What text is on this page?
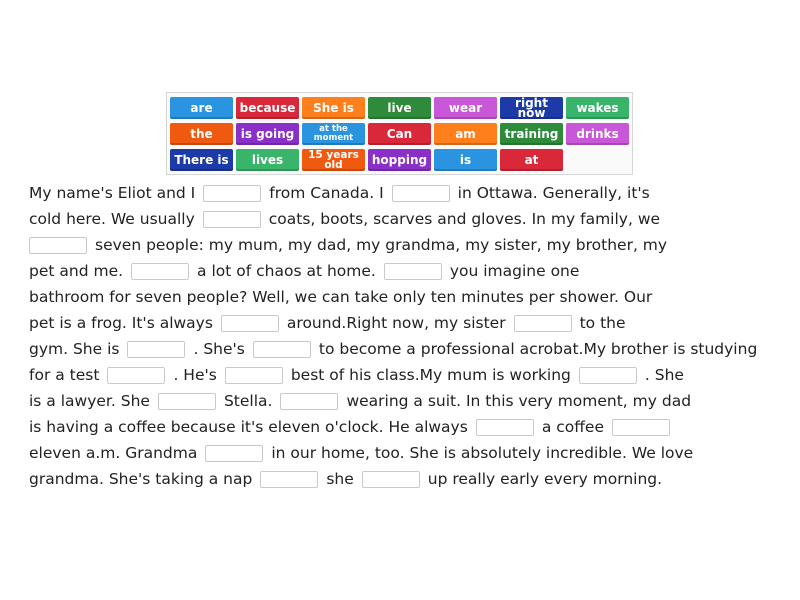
are	because	She is	live	wear	right now	wakes
the	is going	at the moment	Can	am	training	drinks
There is	lives	15 years old	hopping	is	at
My name's Eliot and I	from Canada. I	in Ottawa. Generally, it's
cold here. We usually	coats, boots, scarves and gloves. In my family, we
seven people: my mum, my dad, my grandma, my sister, my brother, my
pet and me.	a lot of chaos at home.	you imagine one
bathroom for seven people? Well, we can take only ten minutes per shower. Our
pet is a frog. It's always	around.Right now, my sister	to the
gym. She is	. She's	to become a professional acrobat.My brother is studying
for a test	. He's	best of his class.My mum is working	. She
is a lawyer. She	Stella.	wearing a suit. In this very moment, my dad
is having a coffee because it's eleven o'clock. He always	a coffee
eleven a.m. Grandma	in our home, too. She is absolutely incredible. We love
grandma. She's taking a nap	she	up really early every morning.
